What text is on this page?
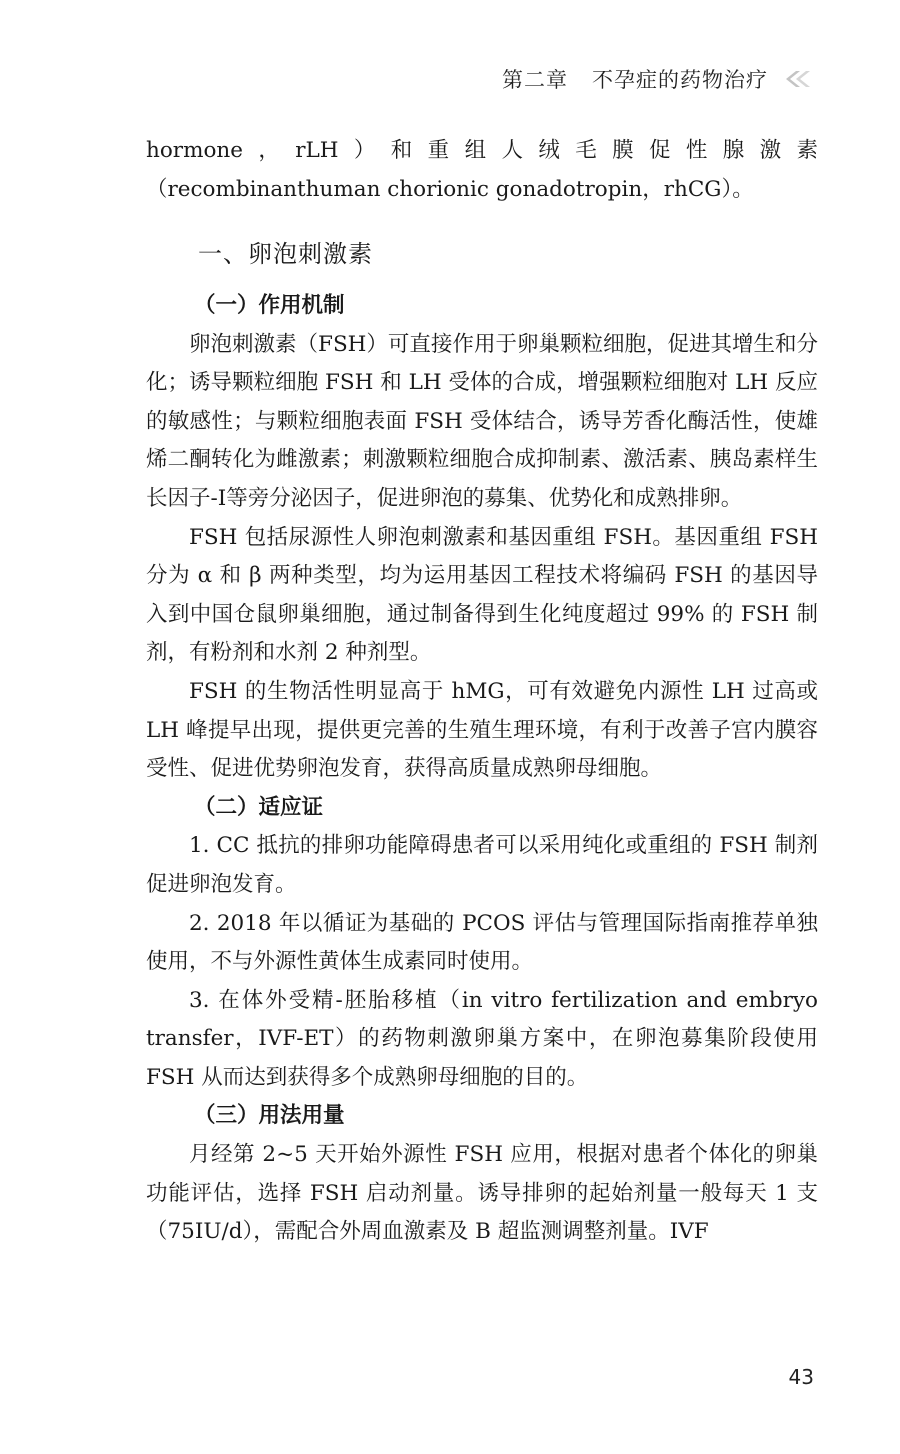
第二章 不孕症的药物治疗

hormone，rLH）和重组人绒毛膜促性腺激素（recombinanthuman chorionic gonadotropin，rhCG）。

一、卵泡刺激素

（一）作用机制

卵泡刺激素（FSH）可直接作用于卵巢颗粒细胞，促进其增生和分化；诱导颗粒细胞 FSH 和 LH 受体的合成，增强颗粒细胞对 LH 反应的敏感性；与颗粒细胞表面 FSH 受体结合，诱导芳香化酶活性，使雄烯二酮转化为雌激素；刺激颗粒细胞合成抑制素、激活素、胰岛素样生长因子-I等旁分泌因子，促进卵泡的募集、优势化和成熟排卵。

FSH 包括尿源性人卵泡刺激素和基因重组 FSH。基因重组 FSH 分为 α 和 β 两种类型，均为运用基因工程技术将编码 FSH 的基因导入到中国仓鼠卵巢细胞，通过制备得到生化纯度超过 99% 的 FSH 制剂，有粉剂和水剂 2 种剂型。

FSH 的生物活性明显高于 hMG，可有效避免内源性 LH 过高或 LH 峰提早出现，提供更完善的生殖生理环境，有利于改善子宫内膜容受性、促进优势卵泡发育，获得高质量成熟卵母细胞。

（二）适应证

1. CC 抵抗的排卵功能障碍患者可以采用纯化或重组的 FSH 制剂促进卵泡发育。

2. 2018 年以循证为基础的 PCOS 评估与管理国际指南推荐单独使用，不与外源性黄体生成素同时使用。

3. 在体外受精-胚胎移植（in vitro fertilization and embryo transfer，IVF-ET）的药物刺激卵巢方案中，在卵泡募集阶段使用 FSH 从而达到获得多个成熟卵母细胞的目的。

（三）用法用量

月经第 2~5 天开始外源性 FSH 应用，根据对患者个体化的卵巢功能评估，选择 FSH 启动剂量。诱导排卵的起始剂量一般每天 1 支（75IU/d），需配合外周血激素及 B 超监测调整剂量。IVF

43
